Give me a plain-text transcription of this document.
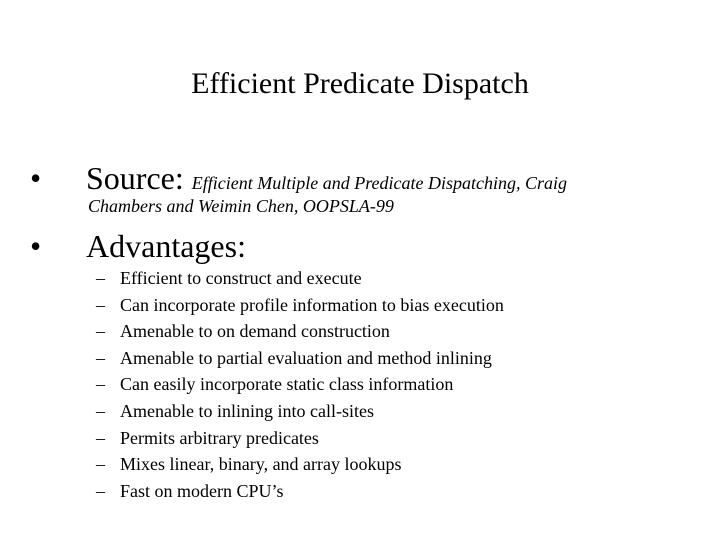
Efficient Predicate Dispatch
• Source: Efficient Multiple and Predicate Dispatching, Craig
Chambers and Weimin Chen, OOPSLA-99
• Advantages:
– Efficient to construct and execute
– Can incorporate profile information to bias execution
– Amenable to on demand construction
– Amenable to partial evaluation and method inlining
– Can easily incorporate static class information
– Amenable to inlining into call-sites
– Permits arbitrary predicates
– Mixes linear, binary, and array lookups
– Fast on modern CPU’s
